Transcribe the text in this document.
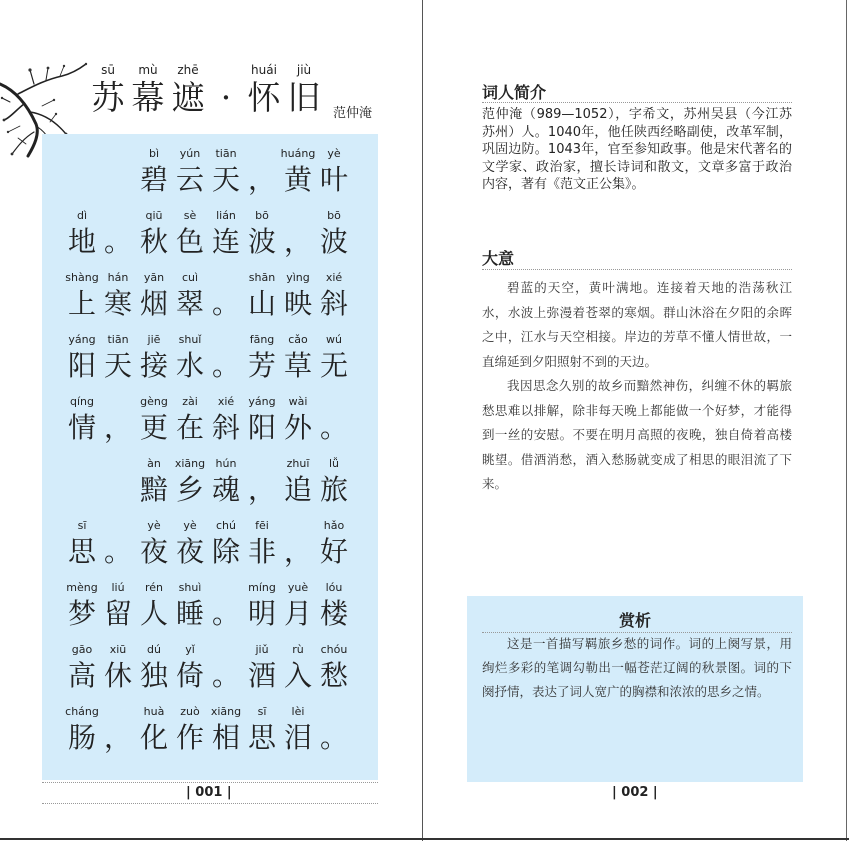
sū
苏
mù
幕
zhē
遮 ·
huái
怀
jiù
旧 范仲淹
bì
碧
yún
云
tiān
天 ，
huáng
黄
yè
叶
dì
地 。
qiū
秋
sè
色
lián
连
bō
波 ，
bō
波
shàng
上
hán
寒
yān
烟
cuì
翠 。
shān
山
yìng
映
xié
斜
yáng
阳
tiān
天
jiē
接
shuǐ
水 。
fāng
芳
cǎo
草
wú
无
qíng
情 ，
gèng
更
zài
在
xié
斜
yáng
阳
wài
外 。
àn
黯
xiāng
乡
hún
魂 ，
zhuī
追
lǚ
旅
sī
思 。
yè
夜
yè
夜
chú
除
fēi
非 ，
hǎo
好
mèng
梦
liú
留
rén
人
shuì
睡 。
míng
明
yuè
月
lóu
楼
gāo
高
xiū
休
dú
独
yǐ
倚 。
jiǔ
酒
rù
入
chóu
愁
cháng
肠 ，
huà
化
zuò
作
xiāng
相
sī
思
lèi
泪 。
| 001 |
词人简介
大意
| 002 |
范仲淹（989—1052），字希文，苏州吴县（今江苏苏州）人。1040年，他任陕西经略副使，改革军制，巩固边防。1043年，官至参知政事。他是宋代著名的文学家、政治家，擅长诗词和散文，文章多富于政治内容，著有《范文正公集》。

碧蓝的天空，黄叶满地。连接着天地的浩荡秋江水，水波上弥漫着苍翠的寒烟。群山沐浴在夕阳的余晖之中，江水与天空相接。岸边的芳草不懂人情世故，一直绵延到夕阳照射不到的天边。

我因思念久别的故乡而黯然神伤，纠缠不休的羁旅愁思难以排解，除非每天晚上都能做一个好梦，才能得到一丝的安慰。不要在明月高照的夜晚，独自倚着高楼眺望。借酒消愁，酒入愁肠就变成了相思的眼泪流了下来。

赏析

这是一首描写羁旅乡愁的词作。词的上阕写景，用绚烂多彩的笔调勾勒出一幅苍茫辽阔的秋景图。词的下阕抒情，表达了词人宽广的胸襟和浓浓的思乡之情。
